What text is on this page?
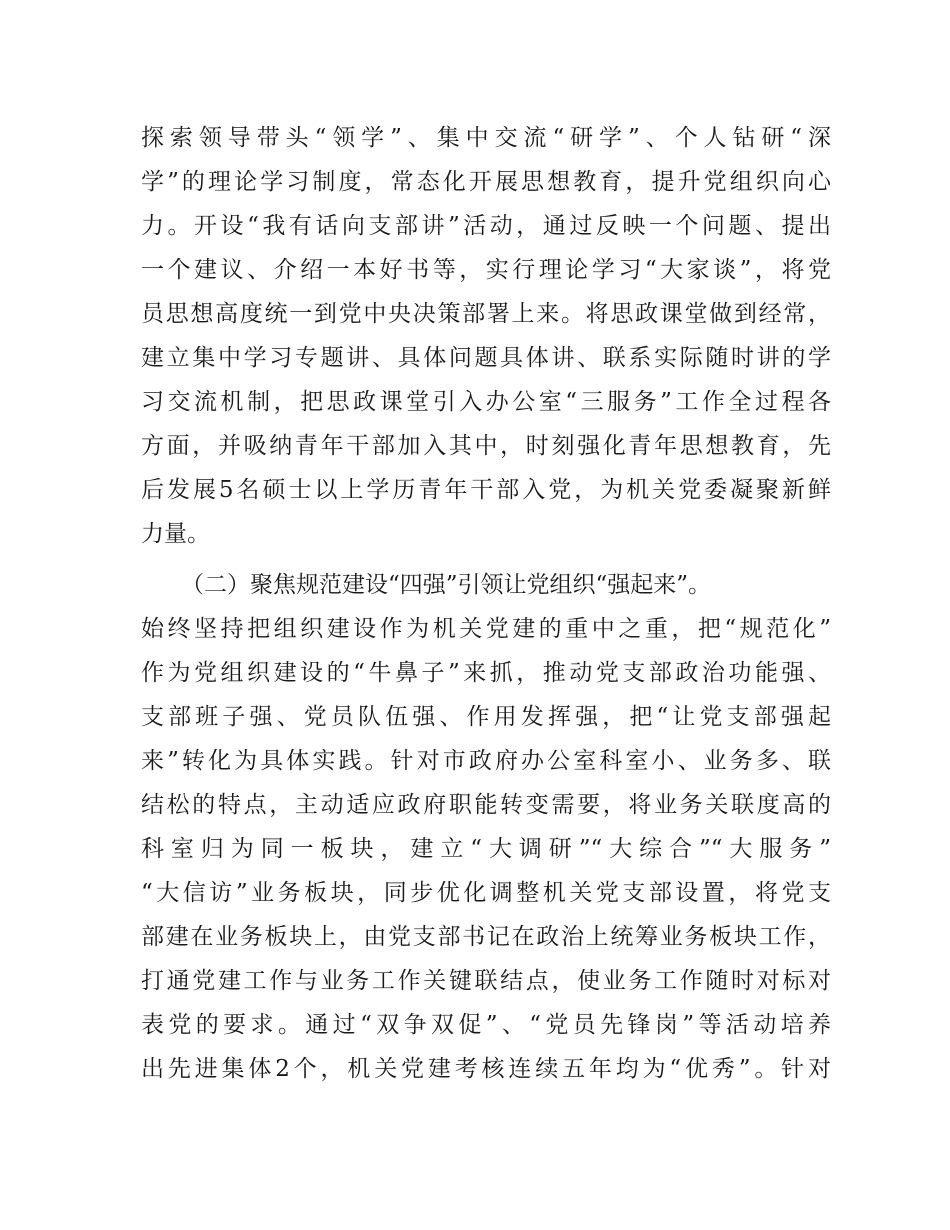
探索领导带头“领学”、集中交流“研学”、个人钻研“深
学”的理论学习制度，常态化开展思想教育，提升党组织向心
力。开设“我有话向支部讲”活动，通过反映一个问题、提出
一个建议、介绍一本好书等，实行理论学习“大家谈”，将党
员思想高度统一到党中央决策部署上来。将思政课堂做到经常，
建立集中学习专题讲、具体问题具体讲、联系实际随时讲的学
习交流机制，把思政课堂引入办公室“三服务”工作全过程各
方面，并吸纳青年干部加入其中，时刻强化青年思想教育，先
后发展5名硕士以上学历青年干部入党，为机关党委凝聚新鲜
力量。
（二）聚焦规范建设“四强”引领让党组织“强起来”。
始终坚持把组织建设作为机关党建的重中之重，把“规范化”
作为党组织建设的“牛鼻子”来抓，推动党支部政治功能强、
支部班子强、党员队伍强、作用发挥强，把“让党支部强起
来”转化为具体实践。针对市政府办公室科室小、业务多、联
结松的特点，主动适应政府职能转变需要，将业务关联度高的
科室归为同一板块，建立“大调研”“大综合”“大服务”
“大信访”业务板块，同步优化调整机关党支部设置，将党支
部建在业务板块上，由党支部书记在政治上统筹业务板块工作，
打通党建工作与业务工作关键联结点，使业务工作随时对标对
表党的要求。通过“双争双促”、“党员先锋岗”等活动培养
出先进集体2个，机关党建考核连续五年均为“优秀”。针对
